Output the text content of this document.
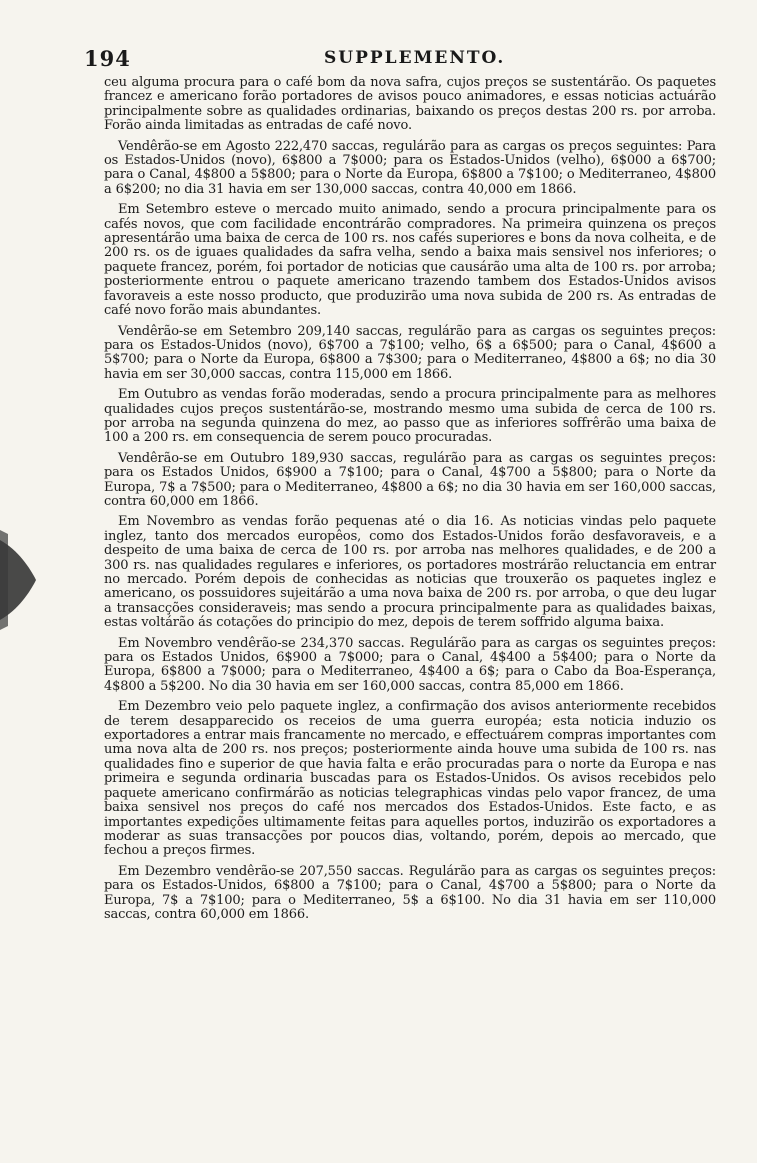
194	SUPPLEMENTO.

ceu alguma procura para o café bom da nova safra, cujos preços se sustentárão. Os paquetes francez e americano forão portadores de avisos pouco animadores, e essas noticias actuárão principalmente sobre as qualidades ordinarias, baixando os preços destas 200 rs. por arroba. Forão ainda limitadas as entradas de café novo.

Vendêrão-se em Agosto 222,470 saccas, regulárão para as cargas os preços seguintes: Para os Estados-Unidos (novo), 6$800 a 7$000; para os Estados-Unidos (velho), 6$000 a 6$700; para o Canal, 4$800 a 5$800; para o Norte da Europa, 6$800 a 7$100; o Mediterraneo, 4$800 a 6$200; no dia 31 havia em ser 130,000 saccas, contra 40,000 em 1866.

Em Setembro esteve o mercado muito animado, sendo a procura principalmente para os cafés novos, que com facilidade encontrárão compradores. Na primeira quinzena os preços apresentárão uma baixa de cerca de 100 rs. nos cafés superiores e bons da nova colheita, e de 200 rs. os de iguaes qualidades da safra velha, sendo a baixa mais sensivel nos inferiores; o paquete francez, porém, foi portador de noticias que causárão uma alta de 100 rs. por arroba; posteriormente entrou o paquete americano trazendo tambem dos Estados-Unidos avisos favoraveis a este nosso producto, que produzirão uma nova subida de 200 rs. As entradas de café novo forão mais abundantes.

Vendêrão-se em Setembro 209,140 saccas, regulárão para as cargas os seguintes preços: para os Estados-Unidos (novo), 6$700 a 7$100; velho, 6$ a 6$500; para o Canal, 4$600 a 5$700; para o Norte da Europa, 6$800 a 7$300; para o Mediterraneo, 4$800 a 6$; no dia 30 havia em ser 30,000 saccas, contra 115,000 em 1866.

Em Outubro as vendas forão moderadas, sendo a procura principalmente para as melhores qualidades cujos preços sustentárão-se, mostrando mesmo uma subida de cerca de 100 rs. por arroba na segunda quinzena do mez, ao passo que as inferiores soffrêrão uma baixa de 100 a 200 rs. em consequencia de serem pouco procuradas.

Vendêrão-se em Outubro 189,930 saccas, regulárão para as cargas os seguintes preços: para os Estados Unidos, 6$900 a 7$100; para o Canal, 4$700 a 5$800; para o Norte da Europa, 7$ a 7$500; para o Mediterraneo, 4$800 a 6$; no dia 30 havia em ser 160,000 saccas, contra 60,000 em 1866.

Em Novembro as vendas forão pequenas até o dia 16. As noticias vindas pelo paquete inglez, tanto dos mercados europêos, como dos Estados-Unidos forão desfavoraveis, e a despeito de uma baixa de cerca de 100 rs. por arroba nas melhores qualidades, e de 200 a 300 rs. nas qualidades regulares e inferiores, os portadores mostrárão reluctancia em entrar no mercado. Porém depois de conhecidas as noticias que trouxerão os paquetes inglez e americano, os possuidores sujeitárão a uma nova baixa de 200 rs. por arroba, o que deu lugar a transacções consideraveis; mas sendo a procura principalmente para as qualidades baixas, estas voltárão ás cotações do principio do mez, depois de terem soffrido alguma baixa.

Em Novembro vendêrão-se 234,370 saccas. Regulárão para as cargas os seguintes preços: para os Estados Unidos, 6$900 a 7$000; para o Canal, 4$400 a 5$400; para o Norte da Europa, 6$800 a 7$000; para o Mediterraneo, 4$400 a 6$; para o Cabo da Boa-Esperança, 4$800 a 5$200. No dia 30 havia em ser 160,000 saccas, contra 85,000 em 1866.

Em Dezembro veio pelo paquete inglez, a confirmação dos avisos anteriormente recebidos de terem desapparecido os receios de uma guerra européa; esta noticia induzio os exportadores a entrar mais francamente no mercado, e effectuárem compras importantes com uma nova alta de 200 rs. nos preços; posteriormente ainda houve uma subida de 100 rs. nas qualidades fino e superior de que havia falta e erão procuradas para o norte da Europa e nas primeira e segunda ordinaria buscadas para os Estados-Unidos. Os avisos recebidos pelo paquete americano confirmárão as noticias telegraphicas vindas pelo vapor francez, de uma baixa sensivel nos preços do café nos mercados dos Estados-Unidos. Este facto, e as importantes expedições ultimamente feitas para aquelles portos, induzirão os exportadores a moderar as suas transacções por poucos dias, voltando, porém, depois ao mercado, que fechou a preços firmes.

Em Dezembro vendêrão-se 207,550 saccas. Regulárão para as cargas os seguintes preços: para os Estados-Unidos, 6$800 a 7$100; para o Canal, 4$700 a 5$800; para o Norte da Europa, 7$ a 7$100; para o Mediterraneo, 5$ a 6$100. No dia 31 havia em ser 110,000 saccas, contra 60,000 em 1866.
